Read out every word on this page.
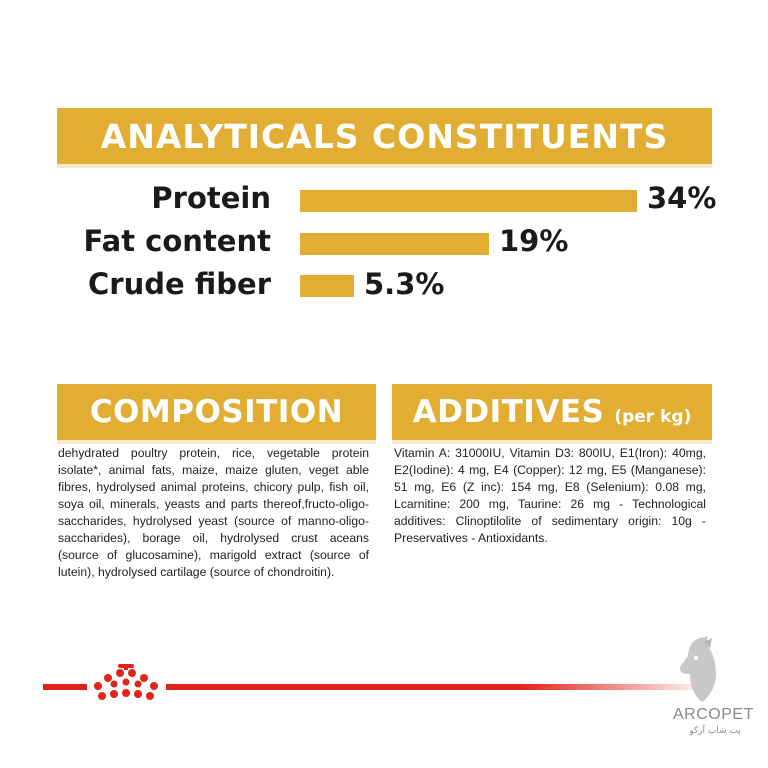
ANALYTICALS CONSTITUENTS
Protein	34%
Fat content	19%
Crude fiber	5.3%
COMPOSITION

dehydrated poultry protein, rice, vegetable protein isolate*, animal fats, maize, maize gluten, veget able fibres, hydrolysed animal proteins, chicory pulp, fish oil, soya oil, minerals, yeasts and parts thereof,fructo-oligo-saccharides, hydrolysed yeast (source of manno-oligo-saccharides), borage oil, hydrolysed crust aceans (source of glucosamine), marigold extract (source of lutein), hydrolysed cartilage (source of chondroitin).

ADDITIVES (per kg)

Vitamin A: 31000IU, Vitamin D3: 800IU, E1(Iron): 40mg, E2(Iodine): 4 mg, E4 (Copper): 12 mg, E5 (Manganese): 51 mg, E6 (Z inc): 154 mg, E8 (Selenium): 0.08 mg, Lcarnitine: 200 mg, Taurine: 26 mg - Technological additives: Clinoptilolite of sedimentary origin: 10g - Preservatives - Antioxidants.

ARCOPET
پت شاپ آرکو
